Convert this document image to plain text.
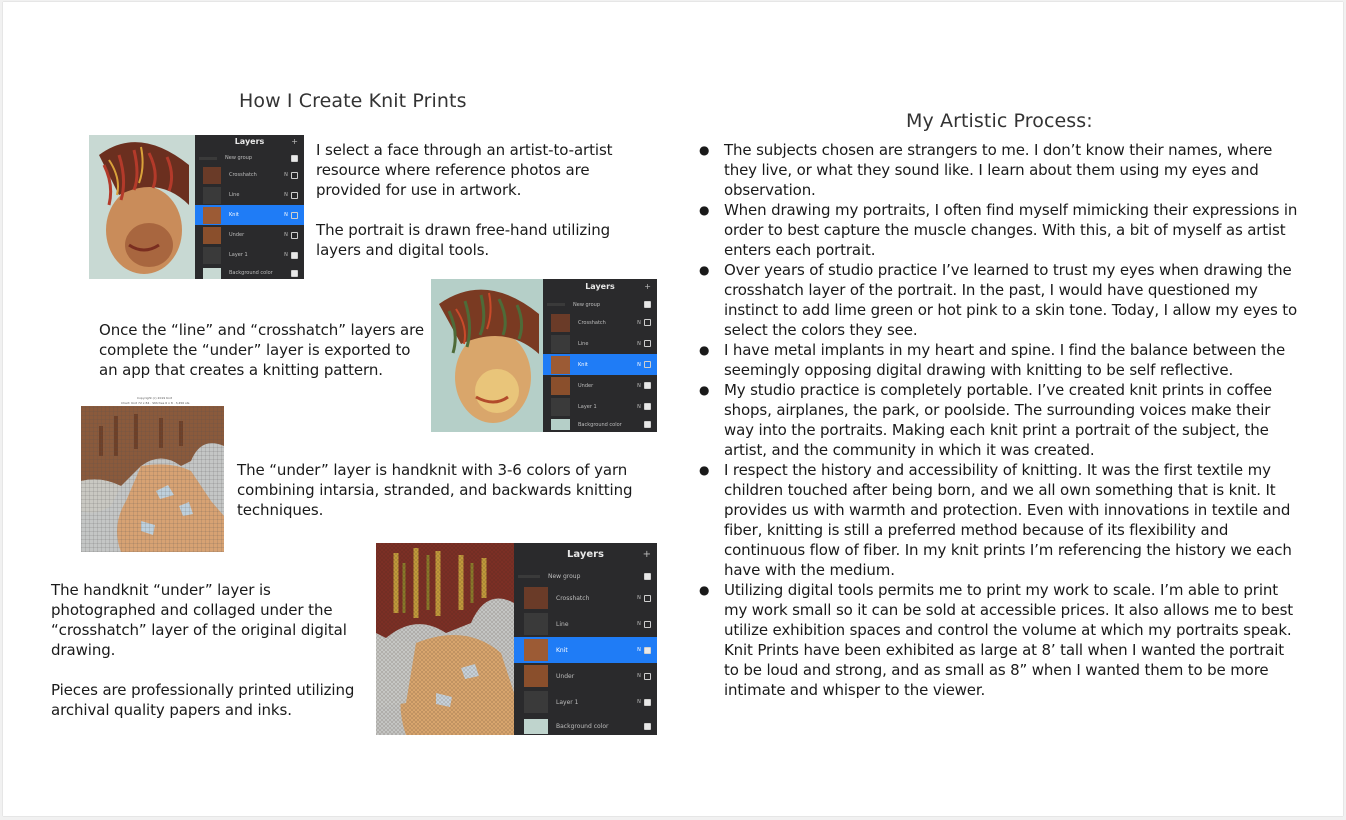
How I Create Knit Prints
My Artistic Process:
Layers	+
New group
Crosshatch	N
Line	N
Knit	N
Under	N
Layer 1	N
Background color

I select a face through an artist-to-artist resource where reference photos are provided for use in artwork.

The portrait is drawn free-hand utilizing layers and digital tools.

Layers	+
New group
Crosshatch	N
Line	N
Knit	N
Under	N
Layer 1	N
Background color
Once the “line” and “crosshatch” layers are complete the “under” layer is exported to an app that creates a knitting pattern.
Copyright (c) 2019 Knit
Chart: Knit 72 x 84 · Stitches 6 x 8 · 3,456 sts
The “under” layer is handknit with 3-6 colors of yarn combining intarsia, stranded, and backwards knitting techniques.
Layers	+
New group
Crosshatch	N
Line	N
Knit	N
Under	N
Layer 1	N
Background color

The handknit “under” layer is photographed and collaged under the “crosshatch” layer of the original digital drawing.

Pieces are professionally printed utilizing archival quality papers and inks.

● The subjects chosen are strangers to me. I don’t know their names, where they live, or what they sound like. I learn about them using my eyes and observation.
● When drawing my portraits, I often find myself mimicking their expressions in order to best capture the muscle changes. With this, a bit of myself as artist enters each portrait.
● Over years of studio practice I’ve learned to trust my eyes when drawing the crosshatch layer of the portrait. In the past, I would have questioned my instinct to add lime green or hot pink to a skin tone. Today, I allow my eyes to select the colors they see.
● I have metal implants in my heart and spine. I find the balance between the seemingly opposing digital drawing with knitting to be self reflective.
● My studio practice is completely portable. I’ve created knit prints in coffee shops, airplanes, the park, or poolside. The surrounding voices make their way into the portraits. Making each knit print a portrait of the subject, the artist, and the community in which it was created.
● I respect the history and accessibility of knitting. It was the first textile my children touched after being born, and we all own something that is knit. It provides us with warmth and protection. Even with innovations in textile and fiber, knitting is still a preferred method because of its flexibility and continuous flow of fiber. In my knit prints I’m referencing the history we each have with the medium.
● Utilizing digital tools permits me to print my work to scale. I’m able to print my work small so it can be sold at accessible prices. It also allows me to best utilize exhibition spaces and control the volume at which my portraits speak. Knit Prints have been exhibited as large at 8’ tall when I wanted the portrait to be loud and strong, and as small as 8” when I wanted them to be more intimate and whisper to the viewer.
